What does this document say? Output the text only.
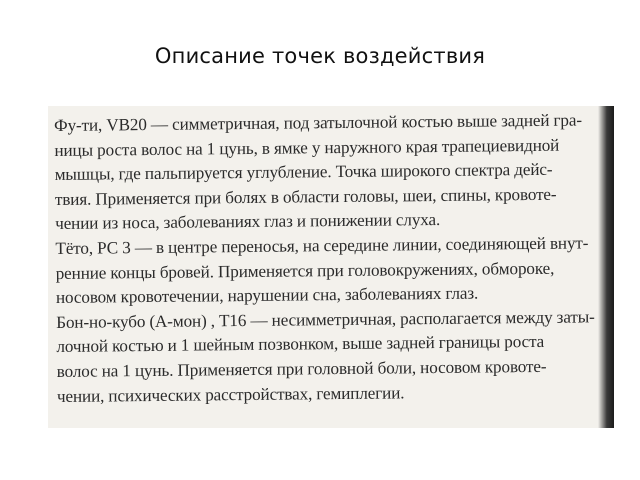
Описание точек воздействия

Фу-ти, VB20 — симметричная, под затылочной костью выше задней гра-
ницы роста волос на 1 цунь, в ямке у наружного края трапециевидной
мышцы, где пальпируется углубление. Точка широкого спектра дейс-
твия. Применяется при болях в области головы, шеи, спины, кровоте-
чении из носа, заболеваниях глаз и понижении слуха.

Тёто, РС 3 — в центре переносья, на середине линии, соединяющей внут-
ренние концы бровей. Применяется при головокружениях, обмороке,
носовом кровотечении, нарушении сна, заболеваниях глаз.

Бон-но-кубо (А-мон) , Т16 — несимметричная, располагается между заты-
лочной костью и 1 шейным позвонком, выше задней границы роста
волос на 1 цунь. Применяется при головной боли, носовом кровоте-
чении, психических расстройствах, гемиплегии.
